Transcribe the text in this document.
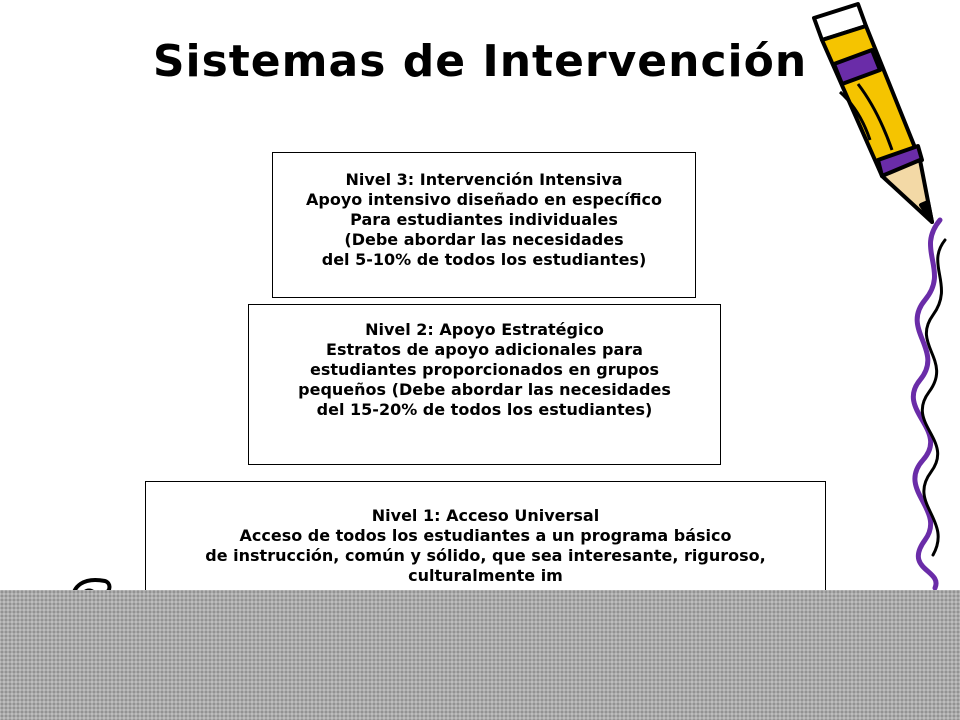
Sistemas de Intervención
Nivel 3: Intervención Intensiva
Apoyo intensivo diseñado en específico
Para estudiantes individuales
(Debe abordar las necesidades
del 5-10% de todos los estudiantes)
Nivel 2: Apoyo Estratégico
Estratos de apoyo adicionales para
estudiantes proporcionados en grupos
pequeños (Debe abordar las necesidades
del 15-20% de todos los estudiantes)
Nivel 1: Acceso Universal
Acceso de todos los estudiantes a un programa básico
de instrucción, común y sólido, que sea interesante, riguroso,
culturalmente im
